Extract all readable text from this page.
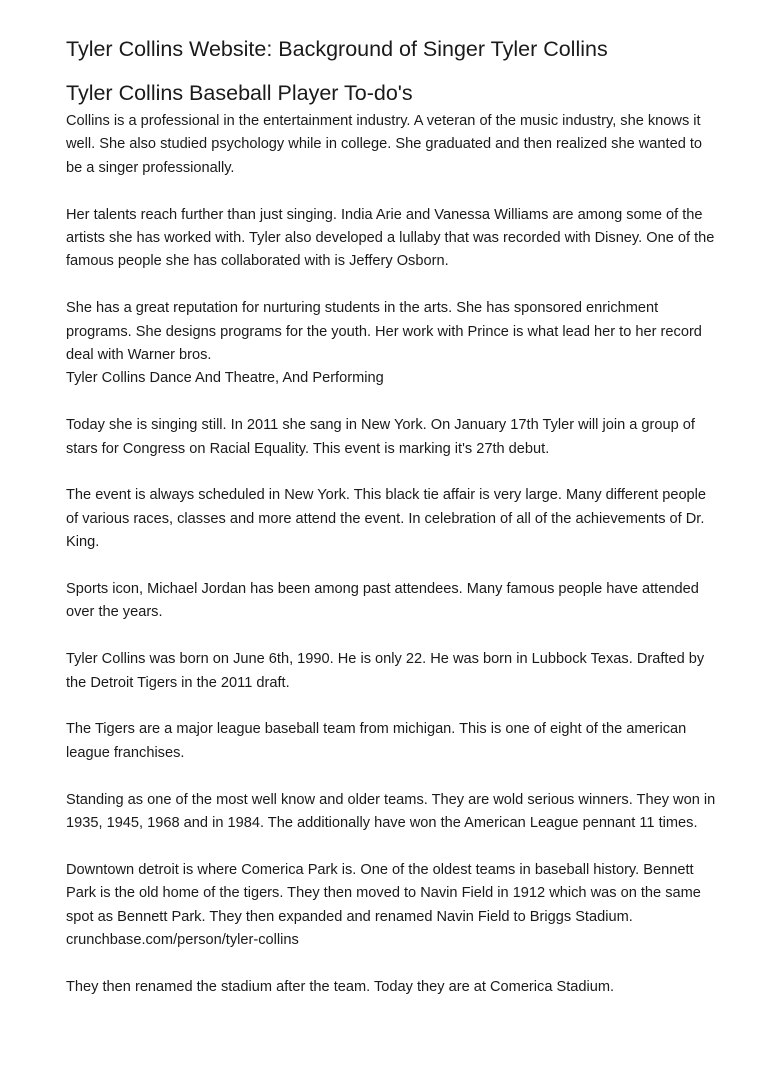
Tyler Collins Website: Background of Singer Tyler Collins
Tyler Collins Baseball Player To-do's

Collins is a professional in the entertainment industry. A veteran of the music industry, she knows it well. She also studied psychology while in college. She graduated and then realized she wanted to be a singer professionally.

Her talents reach further than just singing. India Arie and Vanessa Williams are among some of the artists she has worked with. Tyler also developed a lullaby that was recorded with Disney. One of the famous people she has collaborated with is Jeffery Osborn.

She has a great reputation for nurturing students in the arts. She has sponsored enrichment programs. She designs programs for the youth. Her work with Prince is what lead her to her record deal with Warner bros.

Tyler Collins Dance And Theatre, And Performing

Today she is singing still. In 2011 she sang in New York. On January 17th Tyler will join a group of stars for Congress on Racial Equality. This event is marking it's 27th debut.

The event is always scheduled in New York. This black tie affair is very large. Many different people of various races, classes and more attend the event. In celebration of all of the achievements of Dr. King.

Sports icon, Michael Jordan has been among past attendees. Many famous people have attended over the years.

Tyler Collins was born on June 6th, 1990. He is only 22. He was born in Lubbock Texas. Drafted by the Detroit Tigers in the 2011 draft.

The Tigers are a major league baseball team from michigan. This is one of eight of the american league franchises.

Standing as one of the most well know and older teams. They are wold serious winners. They won in 1935, 1945, 1968 and in 1984. The additionally have won the American League pennant 11 times.

Downtown detroit is where Comerica Park is. One of the oldest teams in baseball history. Bennett Park is the old home of the tigers. They then moved to Navin Field in 1912 which was on the same spot as Bennett Park. They then expanded and renamed Navin Field to Briggs Stadium.

crunchbase.com/person/tyler-collins

They then renamed the stadium after the team. Today they are at Comerica Stadium.
